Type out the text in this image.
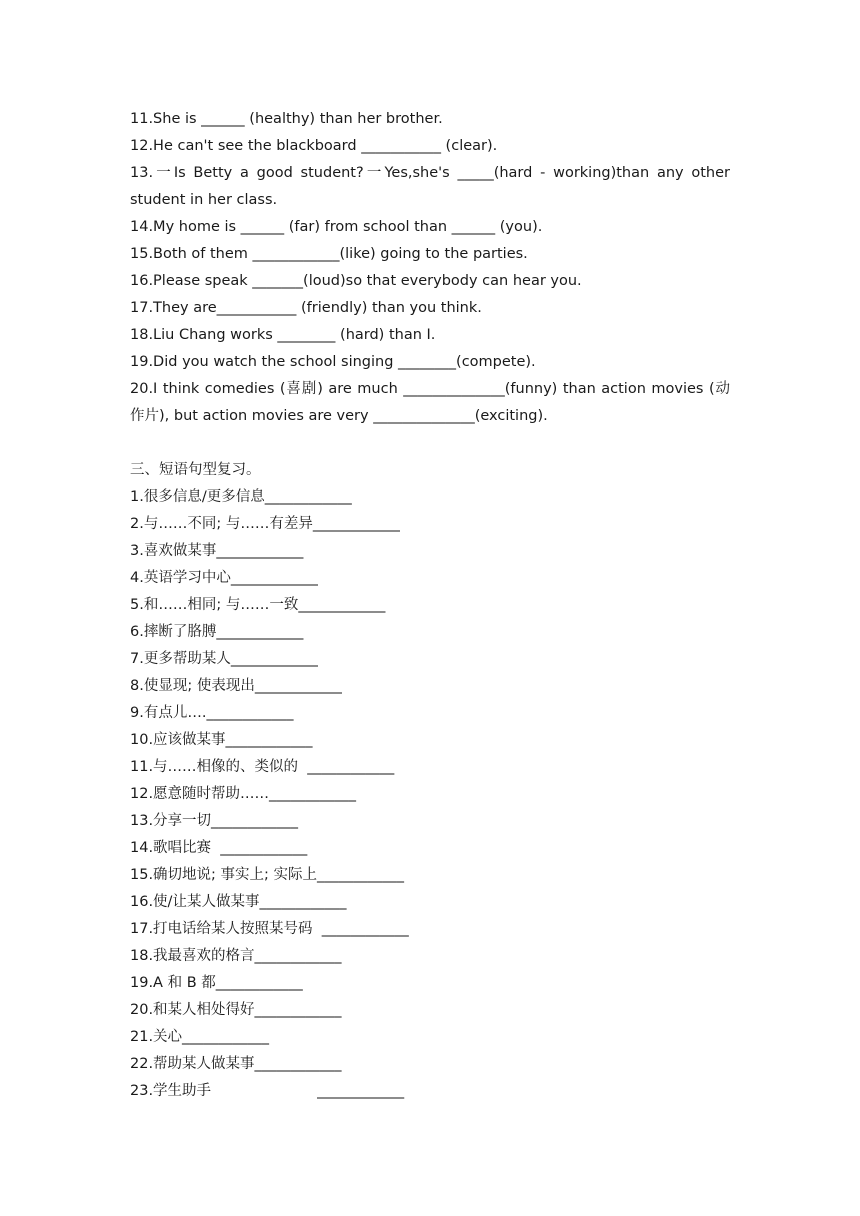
11.She is ______ (healthy) than her brother.
12.He can't see the blackboard ___________ (clear).
13.一Is Betty a good student?一Yes,she's _____(hard - working)than any other student in her class.
14.My home is ______ (far) from school than ______ (you).
15.Both of them ____________(like) going to the parties.
16.Please speak _______(loud)so that everybody can hear you.
17.They are___________ (friendly) than you think.
18.Liu Chang works ________ (hard) than I.
19.Did you watch the school singing ________(compete).
20.I think comedies (喜剧) are much ______________(funny) than action movies (动作片), but action movies are very ______________(exciting).
三、短语句型复习。
1.很多信息/更多信息____________
2.与……不同; 与……有差异____________
3.喜欢做某事____________
4.英语学习中心____________
5.和……相同; 与……一致____________
6.摔断了胳膊____________
7.更多帮助某人____________
8.使显现; 使表现出____________
9.有点儿….____________
10.应该做某事____________
11.与……相像的、类似的  ____________
12.愿意随时帮助……____________
13.分享一切____________
14.歌唱比赛  ____________
15.确切地说; 事实上; 实际上____________
16.使/让某人做某事____________
17.打电话给某人按照某号码  ____________
18.我最喜欢的格言____________
19.A 和 B 都____________
20.和某人相处得好____________
21.关心____________
22.帮助某人做某事____________
23.学生助手                       ____________
